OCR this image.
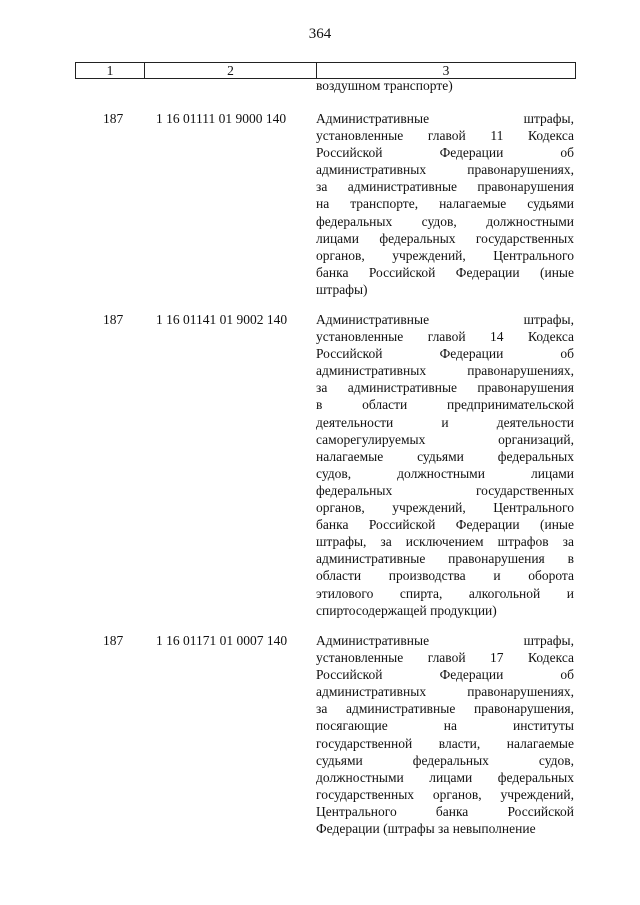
364
1	2	3
воздушном транспорте)
187 1 16 01111 01 9000 140 Административные штрафы,
установленные главой 11 Кодекса
Российской Федерации об
административных правонарушениях,
за административные правонарушения
на транспорте, налагаемые судьями
федеральных судов, должностными
лицами федеральных государственных
органов, учреждений, Центрального
банка Российской Федерации (иные
штрафы)
187 1 16 01141 01 9002 140 Административные штрафы,
установленные главой 14 Кодекса
Российской Федерации об
административных правонарушениях,
за административные правонарушения
в области предпринимательской
деятельности и деятельности
саморегулируемых организаций,
налагаемые судьями федеральных
судов, должностными лицами
федеральных государственных
органов, учреждений, Центрального
банка Российской Федерации (иные
штрафы, за исключением штрафов за
административные правонарушения в
области производства и оборота
этилового спирта, алкогольной и
спиртосодержащей продукции)
187 1 16 01171 01 0007 140 Административные штрафы,
установленные главой 17 Кодекса
Российской Федерации об
административных правонарушениях,
за административные правонарушения,
посягающие на институты
государственной власти, налагаемые
судьями федеральных судов,
должностными лицами федеральных
государственных органов, учреждений,
Центрального банка Российской
Федерации (штрафы за невыполнение
